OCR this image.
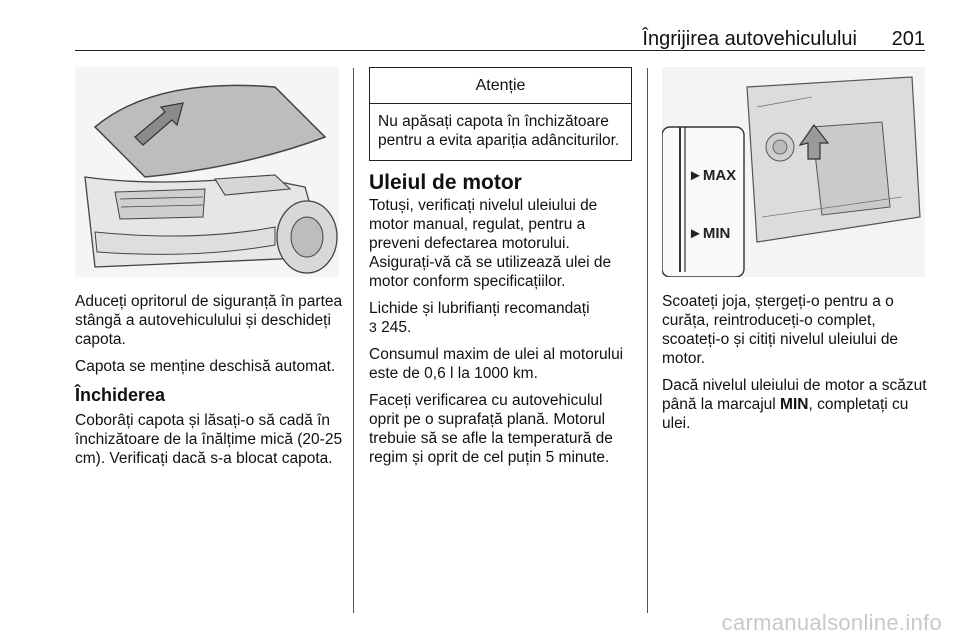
Îngrijirea autovehiculului 201

Aduceți opritorul de siguranță în partea stângă a autovehiculului și deschideți capota.

Capota se menține deschisă automat.

Închiderea

Coborâți capota și lăsați-o să cadă în închizătoare de la înălțime mică (20-25 cm). Verificați dacă s-a blocat capota.

Atenție
Nu apăsați capota în închizătoare pentru a evita apariția adânciturilor.
Uleiul de motor

Totuși, verificați nivelul uleiului de motor manual, regulat, pentru a preveni defectarea motorului. Asigurați-vă că se utilizează ulei de motor conform specificațiilor.

Lichide și lubrifianți recomandați
3 245.

Consumul maxim de ulei al motorului este de 0,6 l la 1000 km.

Faceți verificarea cu autovehiculul oprit pe o suprafață plană. Motorul trebuie să se afle la temperatură de regim și oprit de cel puțin 5 minute.

►MAX
►MIN

Scoateți joja, ștergeți-o pentru a o curăța, reintroduceți-o complet, scoateți-o și citiți nivelul uleiului de motor.

Dacă nivelul uleiului de motor a scăzut până la marcajul MIN, completați cu ulei.

carmanualsonline.info
